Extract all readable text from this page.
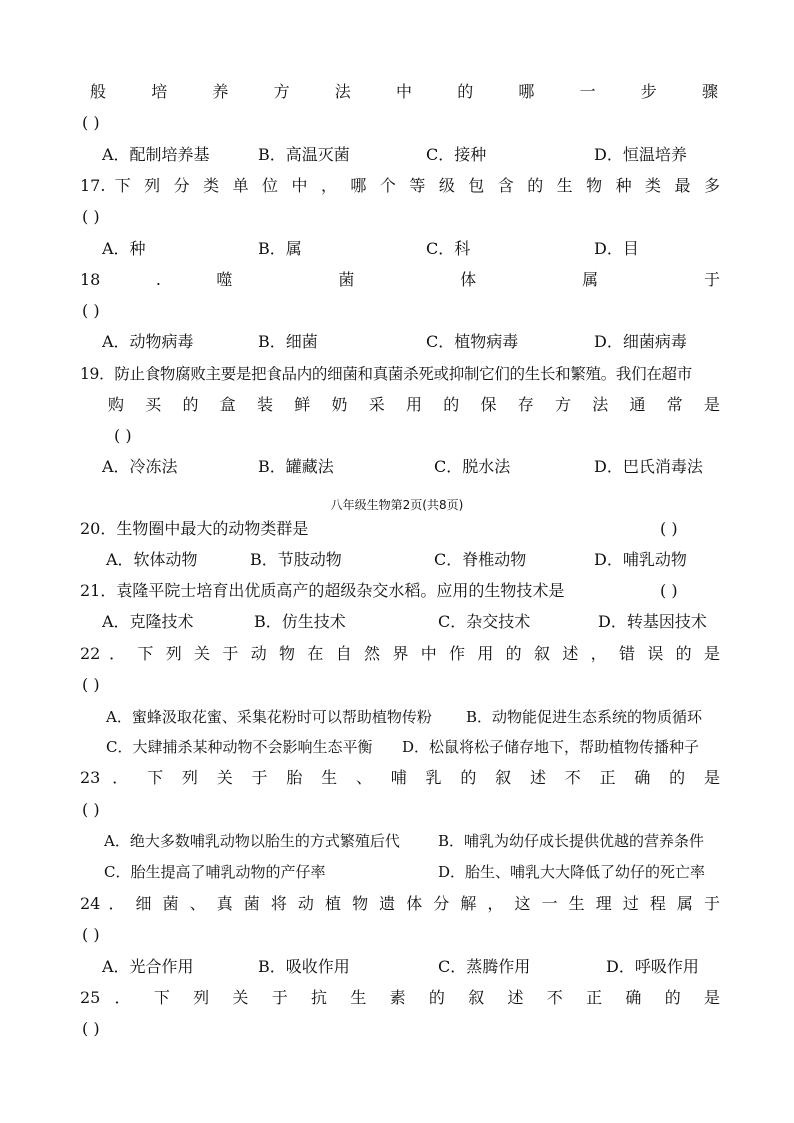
般 培 养 方 法 中 的 哪 一 步 骤
( )
A．配制培养基	B．高温灭菌	C．接种	D．恒温培养
17. 下 列 分 类 单 位 中 ， 哪 个 等 级 包 含 的 生 物 种 类 最 多
( )
A．种	B．属	C．科	D．目
18 . 噬 菌 体 属 于
( )
A．动物病毒	B．细菌	C．植物病毒	D．细菌病毒
19．防止食物腐败主要是把食品内的细菌和真菌杀死或抑制它们的生长和繁殖。我们在超市
购 买 的 盒 装 鲜 奶 采 用 的 保 存 方 法 通 常 是
( )
A．冷冻法	B．罐藏法	C．脱水法	D．巴氏消毒法
八年级生物第2页(共8页)
20．生物圈中最大的动物类群是	( )
A．软体动物	B．节肢动物	C．脊椎动物	D．哺乳动物
21．袁隆平院士培育出优质高产的超级杂交水稻。应用的生物技术是	( )
A．克隆技术	B．仿生技术	C．杂交技术	D．转基因技术
22 ． 下 列 关 于 动 物 在 自 然 界 中 作 用 的 叙 述 ， 错 误 的 是
( )
A．蜜蜂汲取花蜜、采集花粉时可以帮助植物传粉 B．动物能促进生态系统的物质循环
C．大肆捕杀某种动物不会影响生态平衡 D．松鼠将松子储存地下，帮助植物传播种子
23 ． 下 列 关 于 胎 生 、 哺 乳 的 叙 述 不 正 确 的 是
( )
A．绝大多数哺乳动物以胎生的方式繁殖后代	B．哺乳为幼仔成长提供优越的营养条件
C．胎生提高了哺乳动物的产仔率	D．胎生、哺乳大大降低了幼仔的死亡率
24 ． 细 菌 、 真 菌 将 动 植 物 遗 体 分 解 ， 这 一 生 理 过 程 属 于
( )
A．光合作用	B．吸收作用	C．蒸腾作用	D．呼吸作用
25 ． 下 列 关 于 抗 生 素 的 叙 述 不 正 确 的 是
( )
